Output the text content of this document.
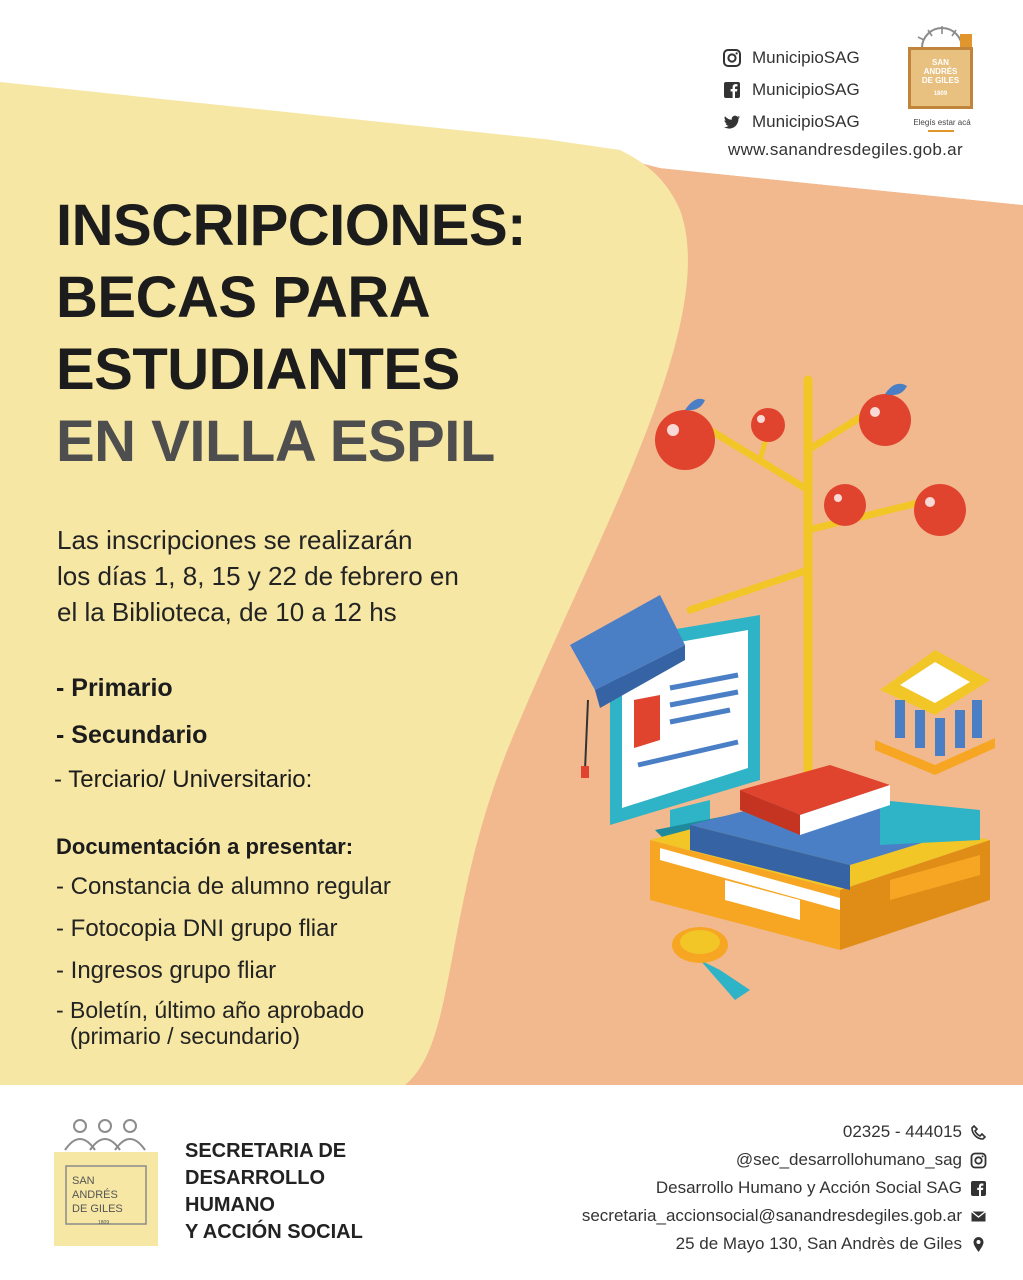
MunicipioSAG
MunicipioSAG
MunicipioSAG
www.sanandresdegiles.gob.ar
SAN
ANDRÉS
DE GILES
1809
Elegís estar acá
INSCRIPCIONES:
BECAS PARA
ESTUDIANTES
EN VILLA ESPIL
Las inscripciones se realizarán
los días 1, 8, 15 y 22 de febrero en
el la Biblioteca, de 10 a 12 hs
- Primario
- Secundario
- Terciario/ Universitario:
Documentación a presentar:
- Constancia de alumno regular
- Fotocopia DNI grupo fliar
- Ingresos grupo fliar
- Boletín, último año aprobado
(primario / secundario)
SAN
ANDRÉS
DE GILES
1809
SECRETARIA DE
DESARROLLO
HUMANO
Y ACCIÓN SOCIAL
02325 - 444015
@sec_desarrollohumano_sag
Desarrollo Humano y Acción Social SAG
secretaria_accionsocial@sanandresdegiles.gob.ar
25 de Mayo 130, San Andrès de Giles
